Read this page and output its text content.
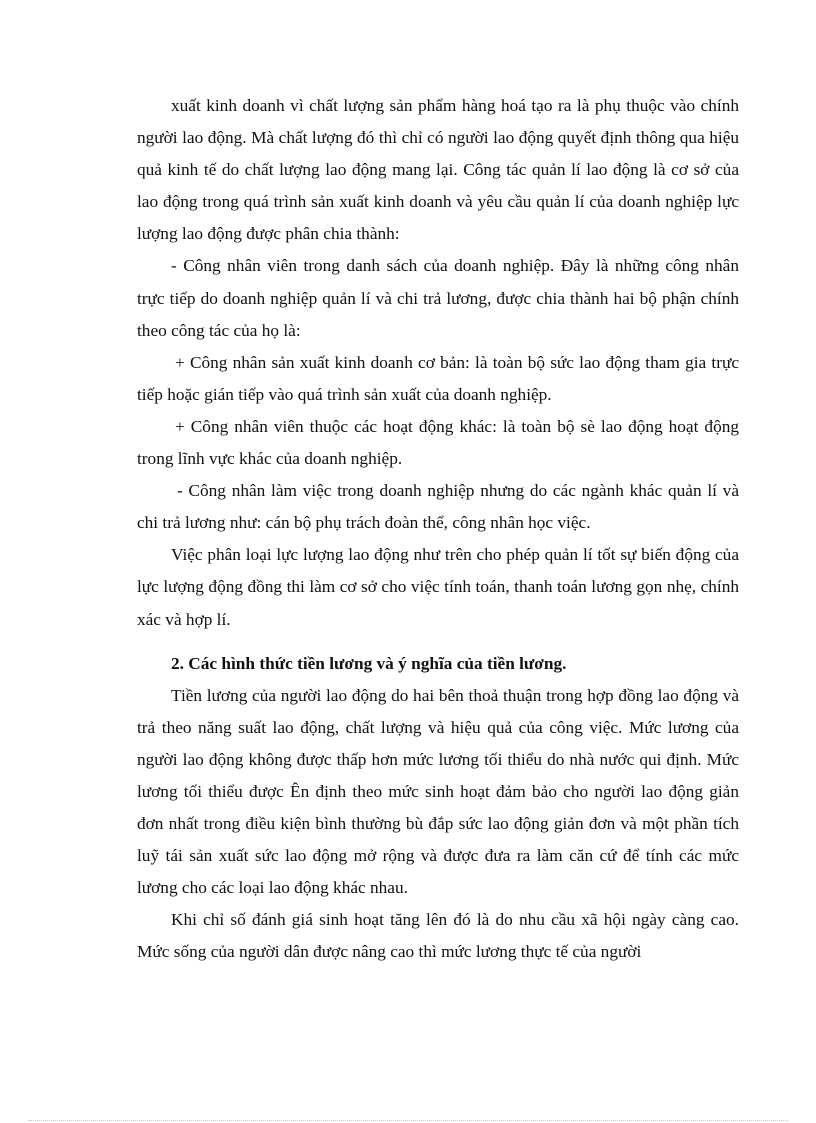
xuất kinh doanh vì chất lượng sản phẩm hàng hoá tạo ra là phụ thuộc vào chính người lao động. Mà chất lượng đó thì chỉ có người lao động quyết định thông qua hiệu quả kinh tế do chất lượng lao động mang lại. Công tác quản lí lao động là cơ sở của lao động trong quá trình sản xuất kinh doanh và yêu cầu quản lí của doanh nghiệp lực lượng lao động được phân chia thành:

- Công nhân viên trong danh sách của doanh nghiệp. Đây là những công nhân trực tiếp do doanh nghiệp quản lí và chi trả lương, được chia thành hai bộ phận chính theo công tác của họ là:

+ Công nhân sản xuất kinh doanh cơ bản: là toàn bộ sức lao động tham gia trực tiếp hoặc gián tiếp vào quá trình sản xuất của doanh nghiệp.

+ Công nhân viên thuộc các hoạt động khác: là toàn bộ sè lao động hoạt động trong lĩnh vực khác của doanh nghiệp.

- Công nhân làm việc trong doanh nghiệp nhưng do các ngành khác quản lí và chi trả lương như: cán bộ phụ trách đoàn thể, công nhân học việc.

Việc phân loại lực lượng lao động như trên cho phép quản lí tốt sự biến động của lực lượng động đồng thi làm cơ sở cho việc tính toán, thanh toán lương gọn nhẹ, chính xác và hợp lí.

2. Các hình thức tiền lương và ý nghĩa của tiền lương.

Tiền lương của người lao động do hai bên thoả thuận trong hợp đồng lao động và trả theo năng suất lao động, chất lượng và hiệu quả của công việc. Mức lương của người lao động không được thấp hơn mức lương tối thiểu do nhà nước qui định. Mức lương tối thiểu được Ên định theo mức sinh hoạt đảm bảo cho người lao động giản đơn nhất trong điều kiện bình thường bù đắp sức lao động giản đơn và một phần tích luỹ tái sản xuất sức lao động mở rộng và được đưa ra làm căn cứ để tính các mức lương cho các loại lao động khác nhau.

Khi chỉ số đánh giá sinh hoạt tăng lên đó là do nhu cầu xã hội ngày càng cao. Mức sống của người dân được nâng cao thì mức lương thực tế của người
